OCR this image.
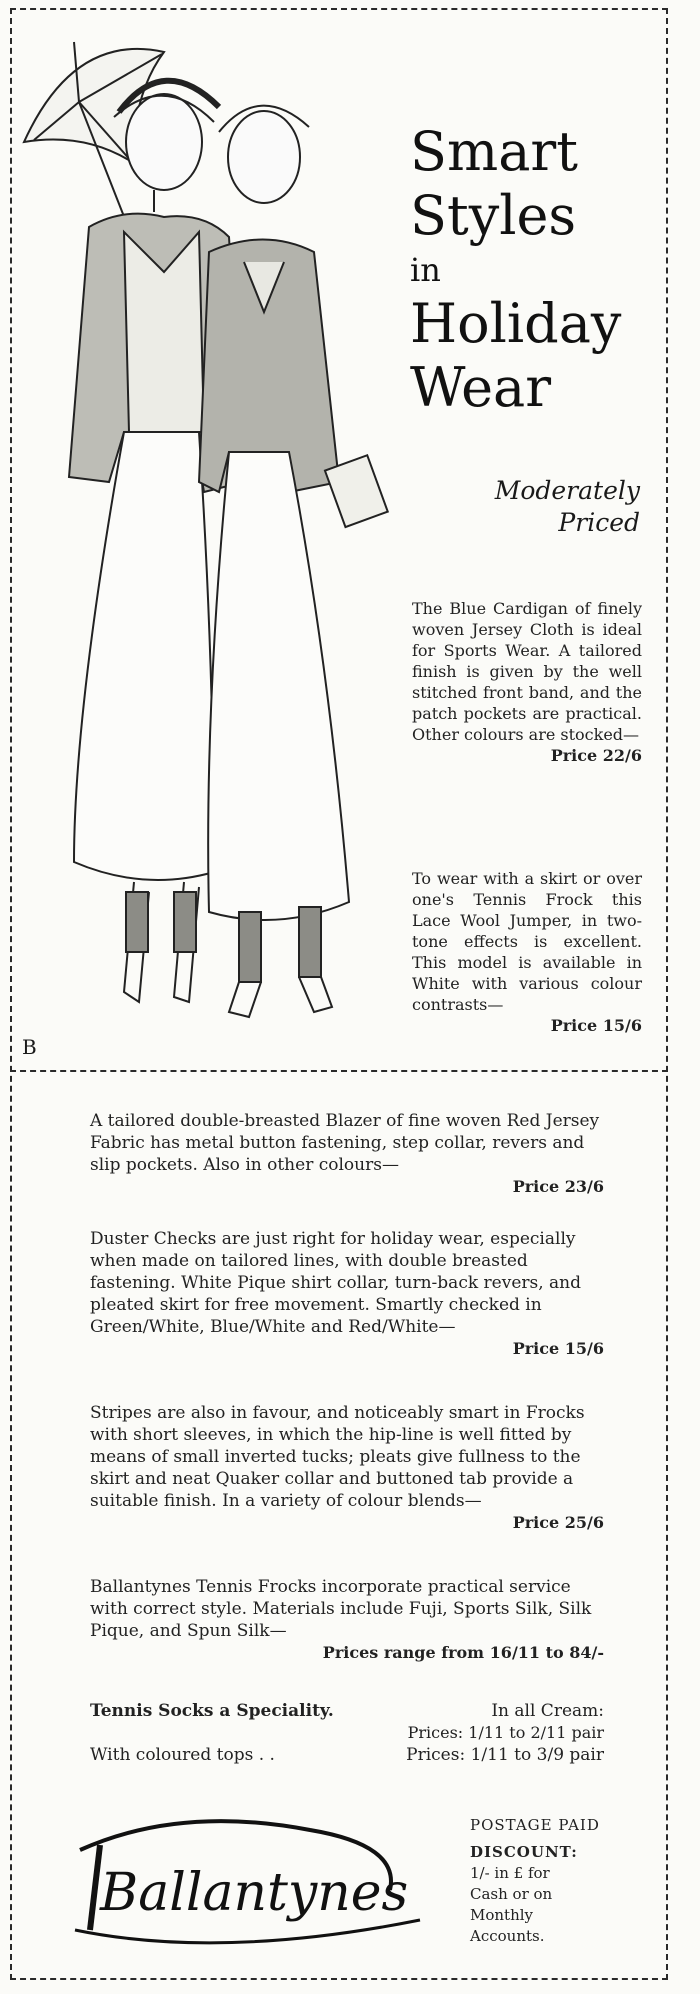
B
Smart
Styles
in
Holiday
Wear
Moderately
Priced
The Blue Cardigan of finely woven Jersey Cloth is ideal for Sports Wear. A tailored finish is given by the well stitched front band, and the patch pockets are practical. Other colours are stocked—
Price 22/6
To wear with a skirt or over one's Tennis Frock this Lace Wool Jumper, in two-tone effects is excellent. This model is available in White with various colour contrasts—
Price 15/6
A tailored double-breasted Blazer of fine woven Red Jersey Fabric has metal button fastening, step collar, revers and slip pockets. Also in other colours—
Price 23/6
Duster Checks are just right for holiday wear, especially when made on tailored lines, with double breasted fastening. White Pique shirt collar, turn-back revers, and pleated skirt for free movement. Smartly checked in Green/White, Blue/White and Red/White—
Price 15/6
Stripes are also in favour, and noticeably smart in Frocks with short sleeves, in which the hip-line is well fitted by means of small inverted tucks; pleats give fullness to the skirt and neat Quaker collar and buttoned tab provide a suitable finish. In a variety of colour blends—
Price 25/6
Ballantynes Tennis Frocks incorporate practical service with correct style. Materials include Fuji, Sports Silk, Silk Pique, and Spun Silk—
Prices range from 16/11 to 84/-
Tennis Socks a Speciality.	In all Cream:
Prices: 1/11 to 2/11 pair
With coloured tops . .	Prices: 1/11 to 3/9 pair
Ballantynes
POSTAGE PAID
DISCOUNT:
1/- in £ for
Cash or on
Monthly
Accounts.
